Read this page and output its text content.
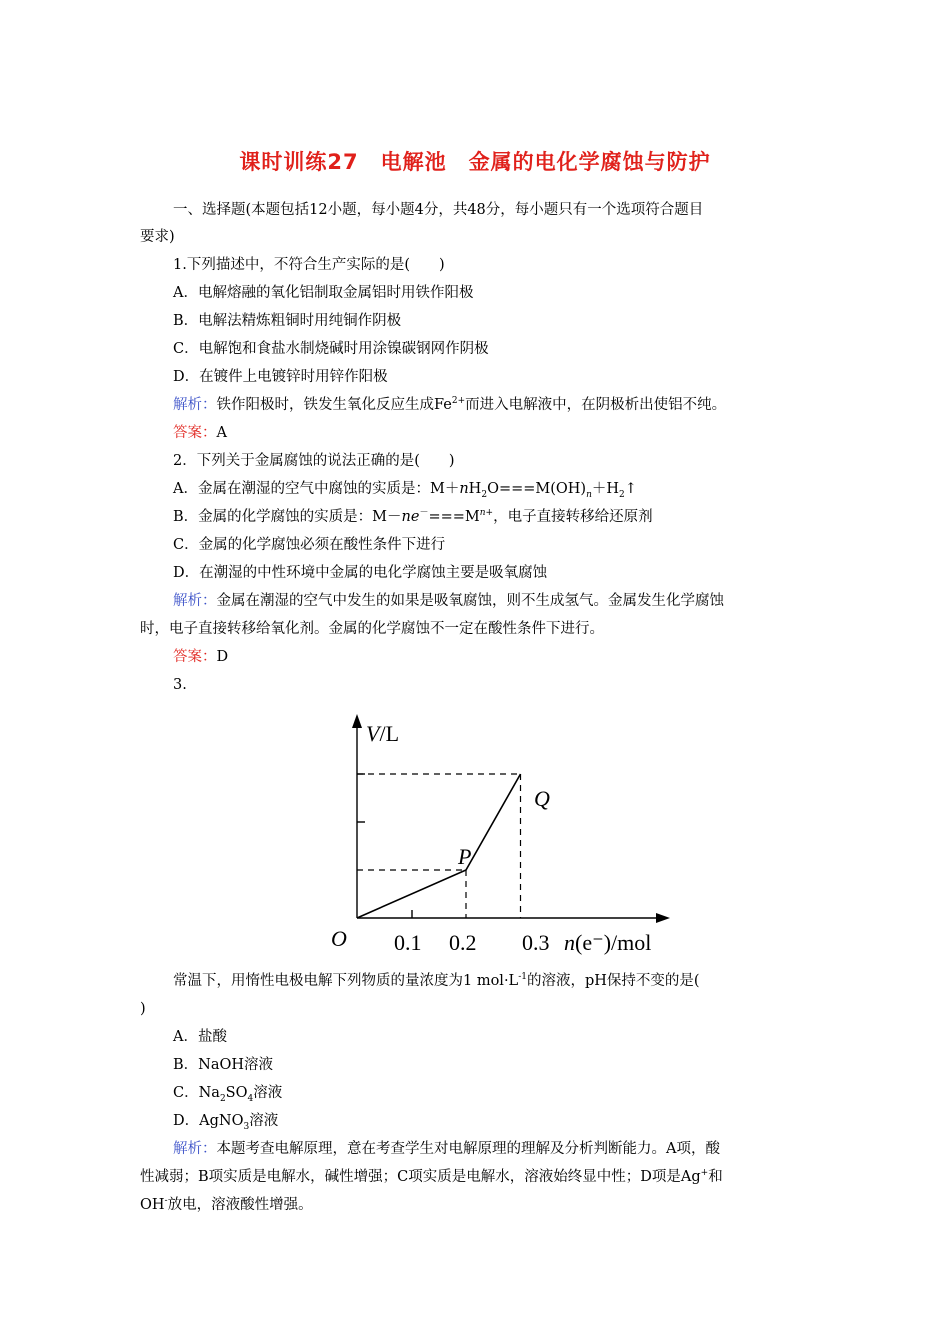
课时训练27　电解池　金属的电化学腐蚀与防护
一、选择题(本题包括12小题，每小题4分，共48分，每小题只有一个选项符合题目
要求)
1.下列描述中，不符合生产实际的是(　　)
A．电解熔融的氧化铝制取金属铝时用铁作阳极
B．电解法精炼粗铜时用纯铜作阴极
C．电解饱和食盐水制烧碱时用涂镍碳钢网作阴极
D．在镀件上电镀锌时用锌作阳极
解析：铁作阳极时，铁发生氧化反应生成$Fe^{2+}$而进入电解液中，在阴极析出使铝不纯。
答案：A
2．下列关于金属腐蚀的说法正确的是(　　)
A．金属在潮湿的空气中腐蚀的实质是：$M+nH_2O===M(OH)_n+H_2↑$
B．金属的化学腐蚀的实质是：$M-ne^-===M^{n+}$，电子直接转移给还原剂
C．金属的化学腐蚀必须在酸性条件下进行
D．在潮湿的中性环境中金属的电化学腐蚀主要是吸氧腐蚀
解析：金属在潮湿的空气中发生的如果是吸氧腐蚀，则不生成氢气。金属发生化学腐蚀
时，电子直接转移给氧化剂。金属的化学腐蚀不一定在酸性条件下进行。
答案：D
3.
V/L
O
P
Q
0.1 0.2 0.3 n(e⁻)/mol
常温下，用惰性电极电解下列物质的量浓度为1 $mol\cdot L^{-1}$的溶液，pH保持不变的是(
)
A．盐酸
B．NaOH溶液
C．$Na_2SO_4$溶液
D．AgNO$_3$溶液
解析：本题考查电解原理，意在考查学生对电解原理的理解及分析判断能力。A项，酸
性减弱；B项实质是电解水，碱性增强；C项实质是电解水，溶液始终显中性；D项是Ag+和
OH-放电，溶液酸性增强。
